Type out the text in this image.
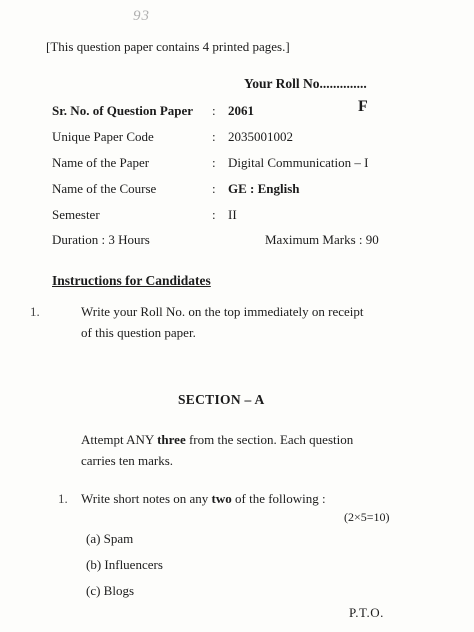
93
[This question paper contains 4 printed pages.]
Your Roll No..............
F
Sr. No. of Question Paper : 2061
Unique Paper Code	: 2035001002
Name of the Paper	: Digital Communication – I
Name of the Course	: GE : English
Semester	: II
Duration : 3 Hours	Maximum Marks : 90
Instructions for Candidates
1.	Write your Roll No. on the top immediately on receipt
of this question paper.
SECTION – A
Attempt ANY three from the section. Each question
carries ten marks.
1. Write short notes on any two of the following :
(2×5=10)
(a) Spam
(b) Influencers
(c) Blogs
P.T.O.
